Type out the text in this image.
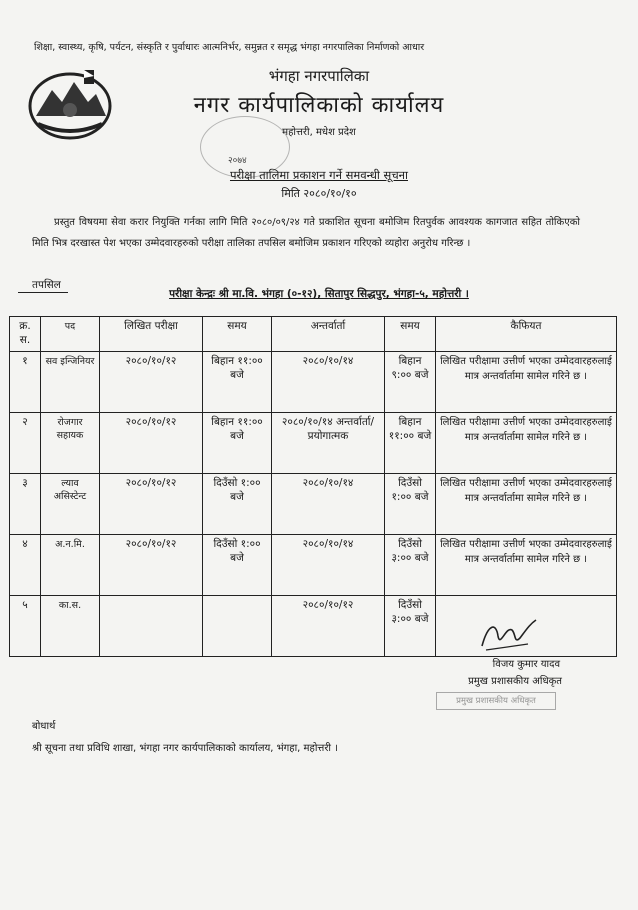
शिक्षा, स्वास्थ्य, कृषि, पर्यटन, संस्कृति र पुर्वाधारः आत्मनिर्भर, समुन्नत र समृद्ध भंगहा नगरपालिका निर्माणको आधार
भंगहा नगरपालिका
नगर कार्यपालिकाको कार्यालय
महोत्तरी, मधेश प्रदेश
२०७४
परीक्षा तालिमा प्रकाशन गर्ने समवन्धी सूचना
मिति २०८०/१०/१०
प्रस्तुत विषयमा सेवा करार नियुक्ति गर्नका लागि मिति २०८०/०९/२४ गते प्रकाशित सूचना बमोजिम रितपुर्वक आवश्यक कागजात सहित तोकिएको मिति भित्र दरखास्त पेश भएका उम्मेदवारहरुको परीक्षा तालिका तपसिल बमोजिम प्रकाशन गरिएको व्यहोरा अनुरोध गरिन्छ ।
तपसिल
परीक्षा केन्द्रः श्री मा.वि. भंगहा (०-१२), सितापुर सिद्धपुर, भंगहा-५, महोत्तरी ।
क्र. स.	पद	लिखित परीक्षा	समय	अन्तर्वार्ता	समय	कैफियत
१	सव इन्जिनियर	२०८०/१०/१२	बिहान ११:०० बजे	२०८०/१०/१४	बिहान ९:०० बजे	लिखित परीक्षामा उत्तीर्ण भएका उम्मेदवारहरुलाई मात्र अन्तर्वार्तामा सामेल गरिने छ ।
२	रोजगार सहायक	२०८०/१०/१२	बिहान ११:०० बजे	२०८०/१०/१४ अन्तर्वार्ता/प्रयोगात्मक	बिहान ११:०० बजे	लिखित परीक्षामा उत्तीर्ण भएका उम्मेदवारहरुलाई मात्र अन्तर्वार्तामा सामेल गरिने छ ।
३	ल्याव असिस्टेन्ट	२०८०/१०/१२	दिउँसो १:०० बजे	२०८०/१०/१४	दिउँसो १:०० बजे	लिखित परीक्षामा उत्तीर्ण भएका उम्मेदवारहरुलाई मात्र अन्तर्वार्तामा सामेल गरिने छ ।
४	अ.न.मि.	२०८०/१०/१२	दिउँसो १:०० बजे	२०८०/१०/१४	दिउँसो ३:०० बजे	लिखित परीक्षामा उत्तीर्ण भएका उम्मेदवारहरुलाई मात्र अन्तर्वार्तामा सामेल गरिने छ ।
५	का.स.			२०८०/१०/१२	दिउँसो ३:०० बजे	
विजय कुमार यादव
प्रमुख प्रशासकीय अधिकृत
प्रमुख प्रशासकीय अधिकृत
बोधार्थ
श्री सूचना तथा प्रविधि शाखा, भंगहा नगर कार्यपालिकाको कार्यालय, भंगहा, महोत्तरी ।
